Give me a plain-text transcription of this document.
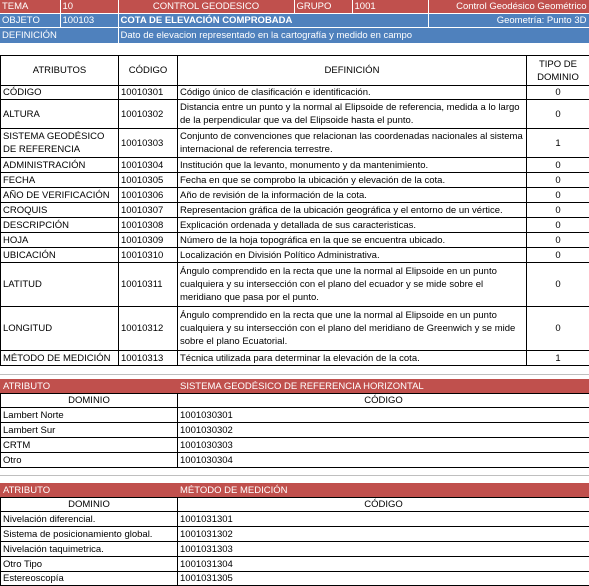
TEMA	10	CONTROL GEODESICO	GRUPO	1001	Control Geodésico Geométrico
OBJETO	100103	COTA DE ELEVACIÓN COMPROBADA			Geometría: Punto 3D
DEFINICIÓN		Dato de elevacion representado en la cartografía y medido en campo			
ATRIBUTOS	CÓDIGO	DEFINICIÓN	TIPO DE DOMINIO
CÓDIGO	10010301	Código único de clasificación e identificación.	0
ALTURA	10010302	Distancia entre un punto y la normal al Elipsoide de referencia, medida a lo largo de la perpendicular que va del Elipsoide hasta el punto.	0
SISTEMA GEODÉSICO DE REFERENCIA	10010303	Conjunto de convenciones que relacionan las coordenadas nacionales al sistema internacional de referencia terrestre.	1
ADMINISTRACIÓN	10010304	Institución que la levanto, monumento y da mantenimiento.	0
FECHA	10010305	Fecha en que se comprobo la ubicación y elevación de la cota.	0
AÑO DE VERIFICACIÓN	10010306	Año de revisión de la información de la cota.	0
CROQUIS	10010307	Representacion gráfica de la ubicación geográfica y el entorno de un vértice.	0
DESCRIPCIÓN	10010308	Explicación ordenada y detallada de sus caracteristicas.	0
HOJA	10010309	Número de la hoja topográfica en la que se encuentra ubicado.	0
UBICACIÓN	10010310	Localización en División Político Administrativa.	0
LATITUD	10010311	Ángulo comprendido en la recta que une la normal al Elipsoide en un punto cualquiera y su intersección con el plano del ecuador y se mide sobre el meridiano que pasa por el punto.	0
LONGITUD	10010312	Ángulo comprendido en la recta que une la normal al Elipsoide en un punto cualquiera y su intersección con el plano del meridiano de Greenwich y se mide sobre el plano Ecuatorial.	0
MÉTODO DE MEDICIÓN	10010313	Técnica utilizada para determinar la elevación de la cota.	1
ATRIBUTO	SISTEMA GEODÉSICO DE REFERENCIA HORIZONTAL
DOMINIO	CÓDIGO
Lambert Norte	1001030301
Lambert Sur	1001030302
CRTM	1001030303
Otro	1001030304
ATRIBUTO	MÉTODO DE MEDICIÓN
DOMINIO	CÓDIGO
Nivelación diferencial.	1001031301
Sistema de posicionamiento global.	1001031302
Nivelación taquimetrica.	1001031303
Otro Tipo	1001031304
Estereoscopía	1001031305
